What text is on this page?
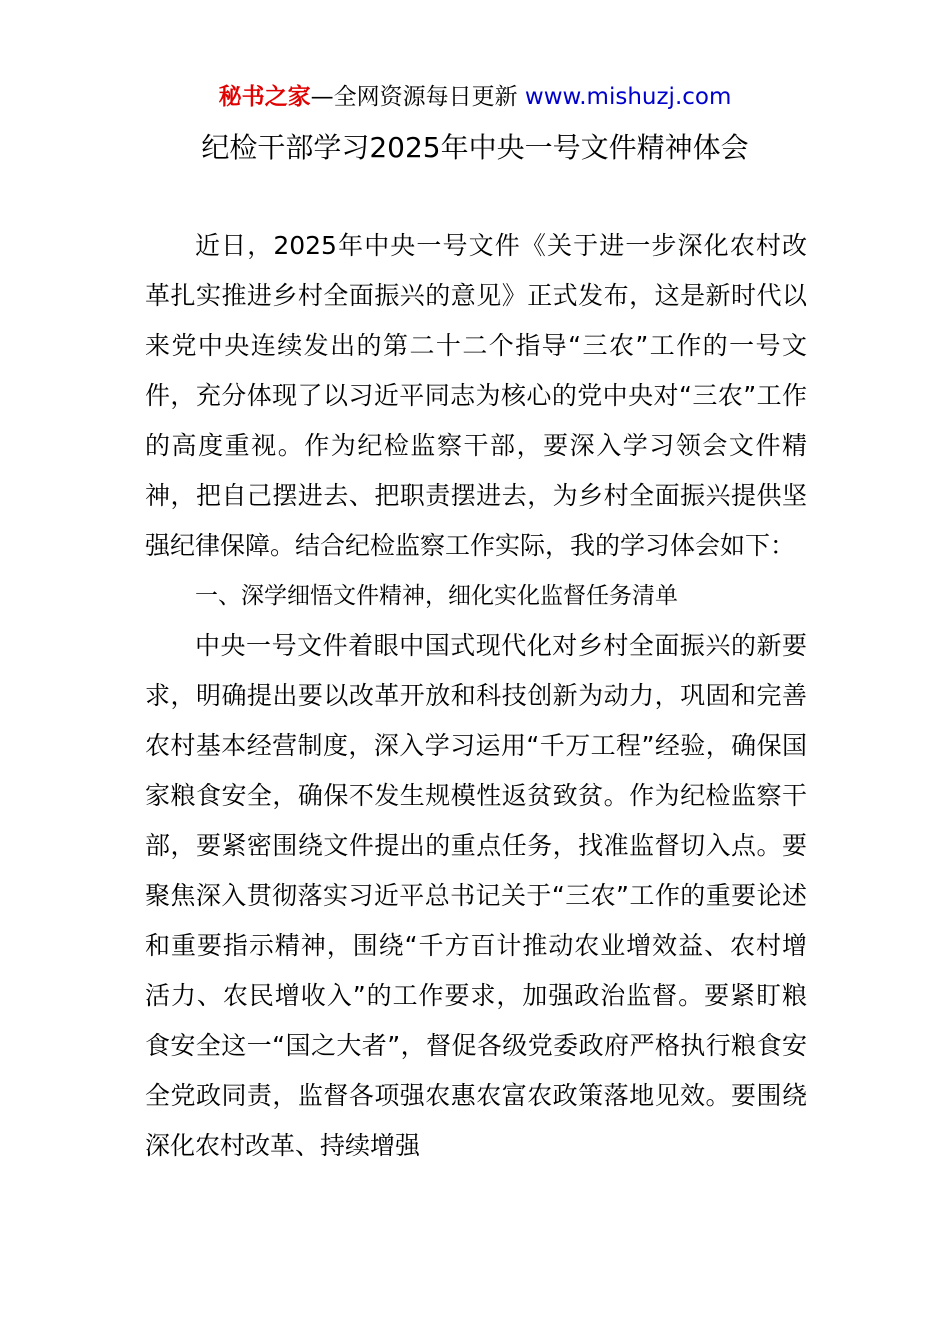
秘书之家—全网资源每日更新 www.mishuzj.com
纪检干部学习2025年中央一号文件精神体会

近日，2025年中央一号文件《关于进一步深化农村改革扎实推进乡村全面振兴的意见》正式发布，这是新时代以来党中央连续发出的第二十二个指导“三农”工作的一号文件，充分体现了以习近平同志为核心的党中央对“三农”工作的高度重视。作为纪检监察干部，要深入学习领会文件精神，把自己摆进去、把职责摆进去，为乡村全面振兴提供坚强纪律保障。结合纪检监察工作实际，我的学习体会如下：

一、深学细悟文件精神，细化实化监督任务清单

中央一号文件着眼中国式现代化对乡村全面振兴的新要求，明确提出要以改革开放和科技创新为动力，巩固和完善农村基本经营制度，深入学习运用“千万工程”经验，确保国家粮食安全，确保不发生规模性返贫致贫。作为纪检监察干部，要紧密围绕文件提出的重点任务，找准监督切入点。要聚焦深入贯彻落实习近平总书记关于“三农”工作的重要论述和重要指示精神，围绕“千方百计推动农业增效益、农村增活力、农民增收入”的工作要求，加强政治监督。要紧盯粮食安全这一“国之大者”，督促各级党委政府严格执行粮食安全党政同责，监督各项强农惠农富农政策落地见效。要围绕深化农村改革、持续增强
